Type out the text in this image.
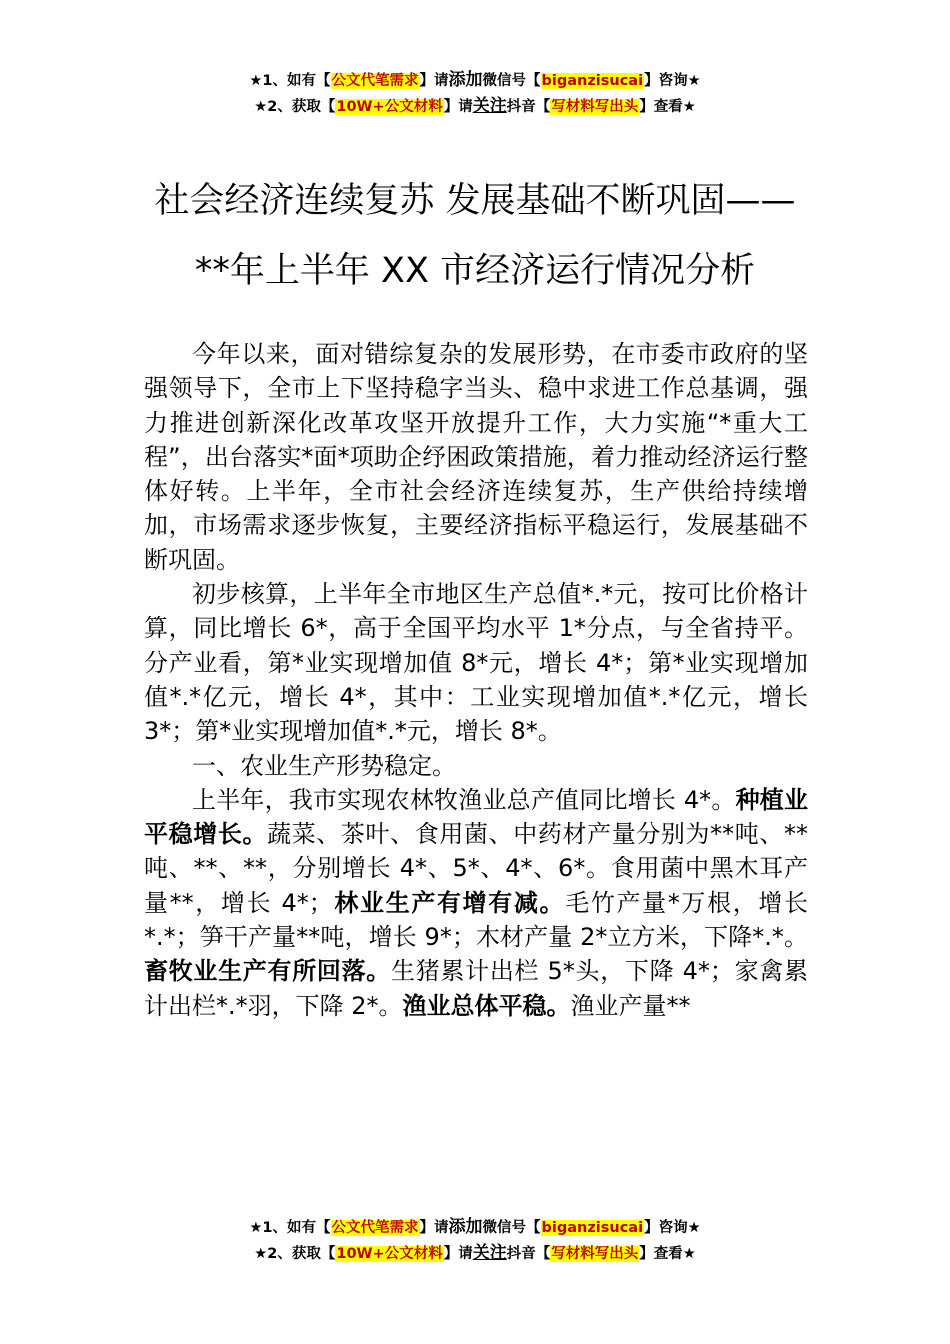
★1、如有【公文代笔需求】请添加微信号【biganzisucai】咨询★
★2、获取【10W+公文材料】请关注抖音【写材料写出头】查看★
社会经济连续复苏 发展基础不断巩固——
**年上半年 XX 市经济运行情况分析

今年以来，面对错综复杂的发展形势，在市委市政府的坚强领导下，全市上下坚持稳字当头、稳中求进工作总基调，强力推进创新深化改革攻坚开放提升工作，大力实施“*重大工程”，出台落实*面*项助企纾困政策措施，着力推动经济运行整体好转。上半年，全市社会经济连续复苏，生产供给持续增加，市场需求逐步恢复，主要经济指标平稳运行，发展基础不断巩固。

初步核算，上半年全市地区生产总值*.*元，按可比价格计算，同比增长 6*，高于全国平均水平 1*分点，与全省持平。分产业看，第*业实现增加值 8*元，增长 4*；第*业实现增加值*.*亿元，增长 4*，其中：工业实现增加值*.*亿元，增长 3*；第*业实现增加值*.*元，增长 8*。

一、农业生产形势稳定。

上半年，我市实现农林牧渔业总产值同比增长 4*。种植业平稳增长。蔬菜、茶叶、食用菌、中药材产量分别为**吨、**吨、**、**，分别增长 4*、5*、4*、6*。食用菌中黑木耳产量**，增长 4*；林业生产有增有减。毛竹产量*万根，增长*.*；笋干产量**吨，增长 9*；木材产量 2*立方米，下降*.*。畜牧业生产有所回落。生猪累计出栏 5*头，下降 4*；家禽累计出栏*.*羽，下降 2*。渔业总体平稳。渔业产量**

★1、如有【公文代笔需求】请添加微信号【biganzisucai】咨询★
★2、获取【10W+公文材料】请关注抖音【写材料写出头】查看★
